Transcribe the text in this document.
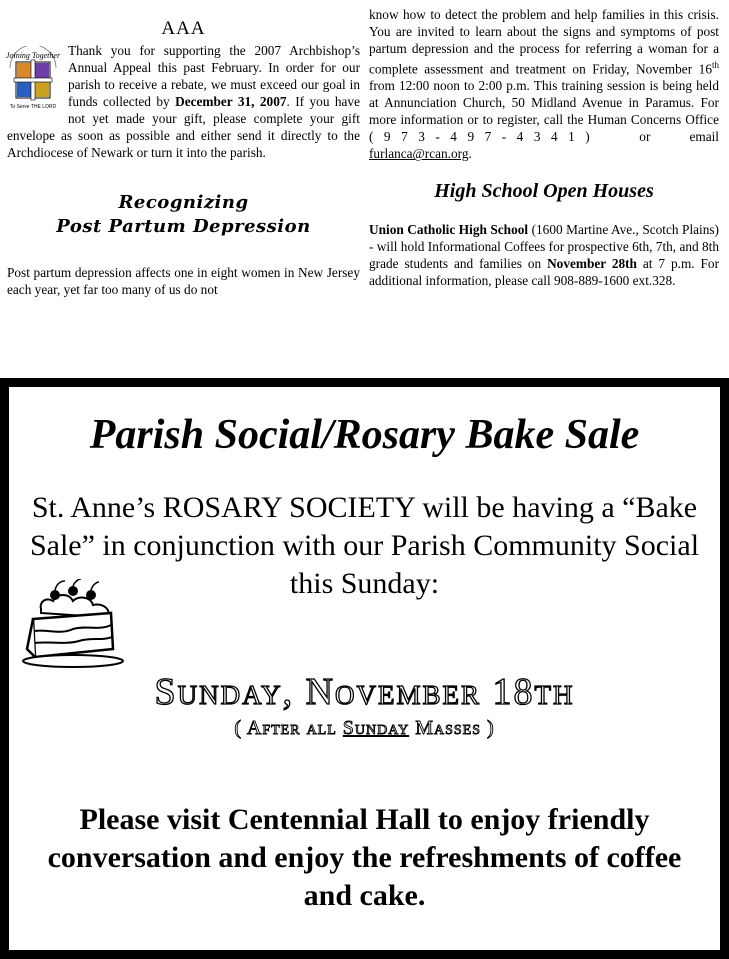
AAA
Joining Together
To Serve THE LORD

Thank you for supporting the 2007 Archbishop’s Annual Appeal this past February. In order for our parish to receive a rebate, we must exceed our goal in funds collected by December 31, 2007. If you have not yet made your gift, please complete your gift envelope as soon as possible and either send it directly to the Archdiocese of Newark or turn it into the parish.

Recognizing
Post Partum Depression

Post partum depression affects one in eight women in New Jersey each year, yet far too many of us do not

know how to detect the problem and help families in this crisis. You are invited to learn about the signs and symptoms of post partum depression and the process for referring a woman for a complete assessment and treatment on Friday, November 16th from 12:00 noon to 2:00 p.m. This training session is being held at Annunciation Church, 50 Midland Avenue in Paramus. For more information or to register, call the Human Concerns Office (973-497-4341) or email furlanca@rcan.org.

High School Open Houses

Union Catholic High School (1600 Martine Ave., Scotch Plains) - will hold Informational Coffees for prospective 6th, 7th, and 8th grade students and families on November 28th at 7 p.m. For additional information, please call 908-889-1600 ext.328.

Parish Social/Rosary Bake Sale
St. Anne’s ROSARY SOCIETY will be having a “Bake Sale” in conjunction with our Parish Community Social this Sunday:
Sunday, November 18th
( After all Sunday Masses )
Please visit Centennial Hall to enjoy friendly conversation and enjoy the refreshments of coffee and cake.
